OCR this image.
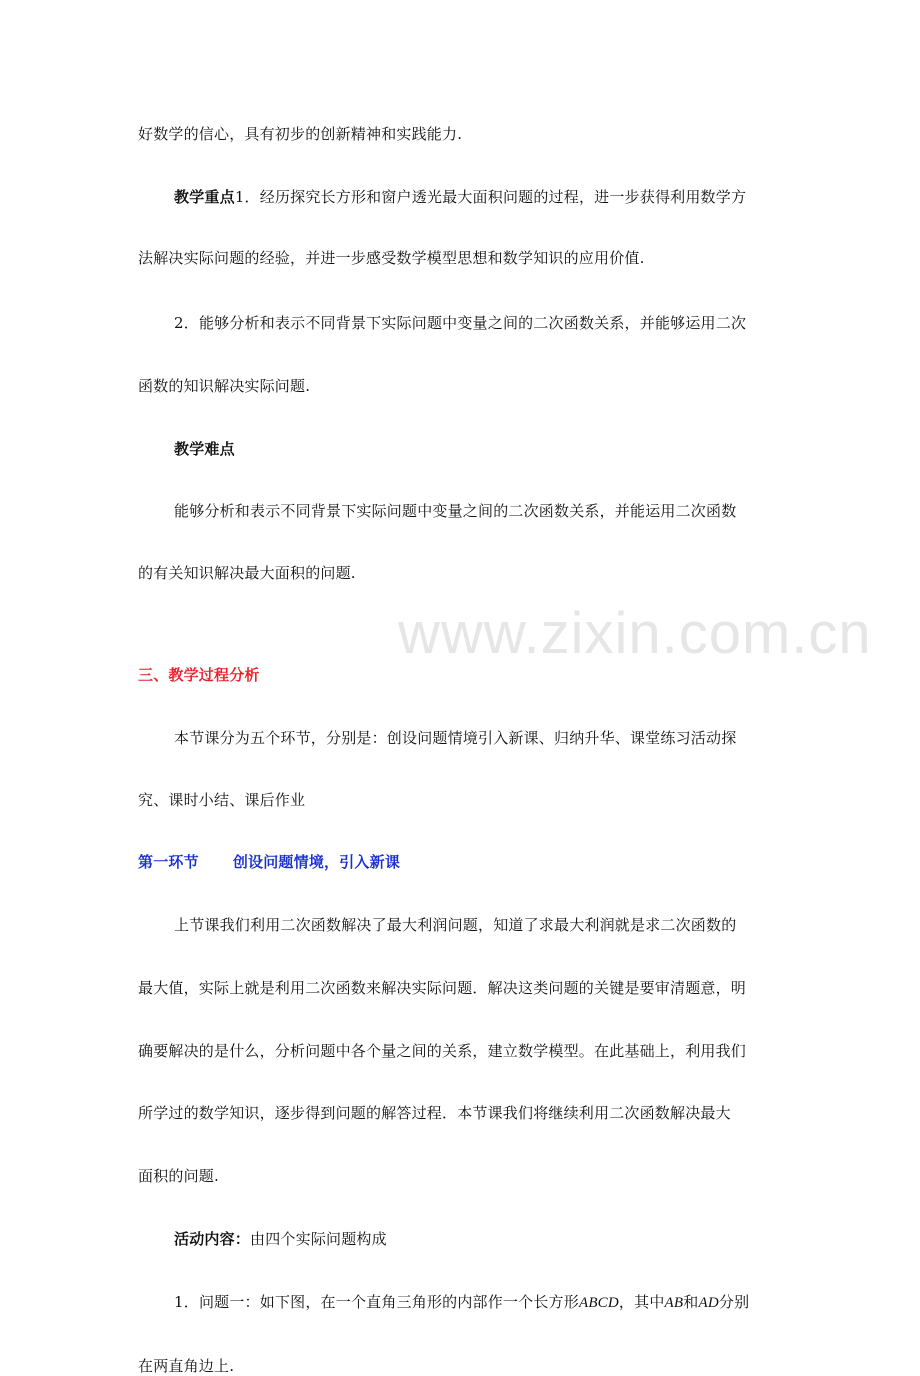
www.zixin.com.cn
好数学的信心，具有初步的创新精神和实践能力.
教学重点1．经历探究长方形和窗户透光最大面积问题的过程，进一步获得利用数学方
法解决实际问题的经验，并进一步感受数学模型思想和数学知识的应用价值.
2．能够分析和表示不同背景下实际问题中变量之间的二次函数关系，并能够运用二次
函数的知识解决实际问题.
教学难点
能够分析和表示不同背景下实际问题中变量之间的二次函数关系，并能运用二次函数
的有关知识解决最大面积的问题.
三、教学过程分析
本节课分为五个环节，分别是：创设问题情境引入新课、归纳升华、课堂练习活动探
究、课时小结、课后作业
第一环节 创设问题情境，引入新课
上节课我们利用二次函数解决了最大利润问题，知道了求最大利润就是求二次函数的
最大值，实际上就是利用二次函数来解决实际问题．解决这类问题的关键是要审清题意，明
确要解决的是什么，分析问题中各个量之间的关系，建立数学模型。在此基础上，利用我们
所学过的数学知识，逐步得到问题的解答过程．本节课我们将继续利用二次函数解决最大
面积的问题.
活动内容：由四个实际问题构成
1．问题一：如下图，在一个直角三角形的内部作一个长方形ABCD，其中AB和AD分别
在两直角边上.
